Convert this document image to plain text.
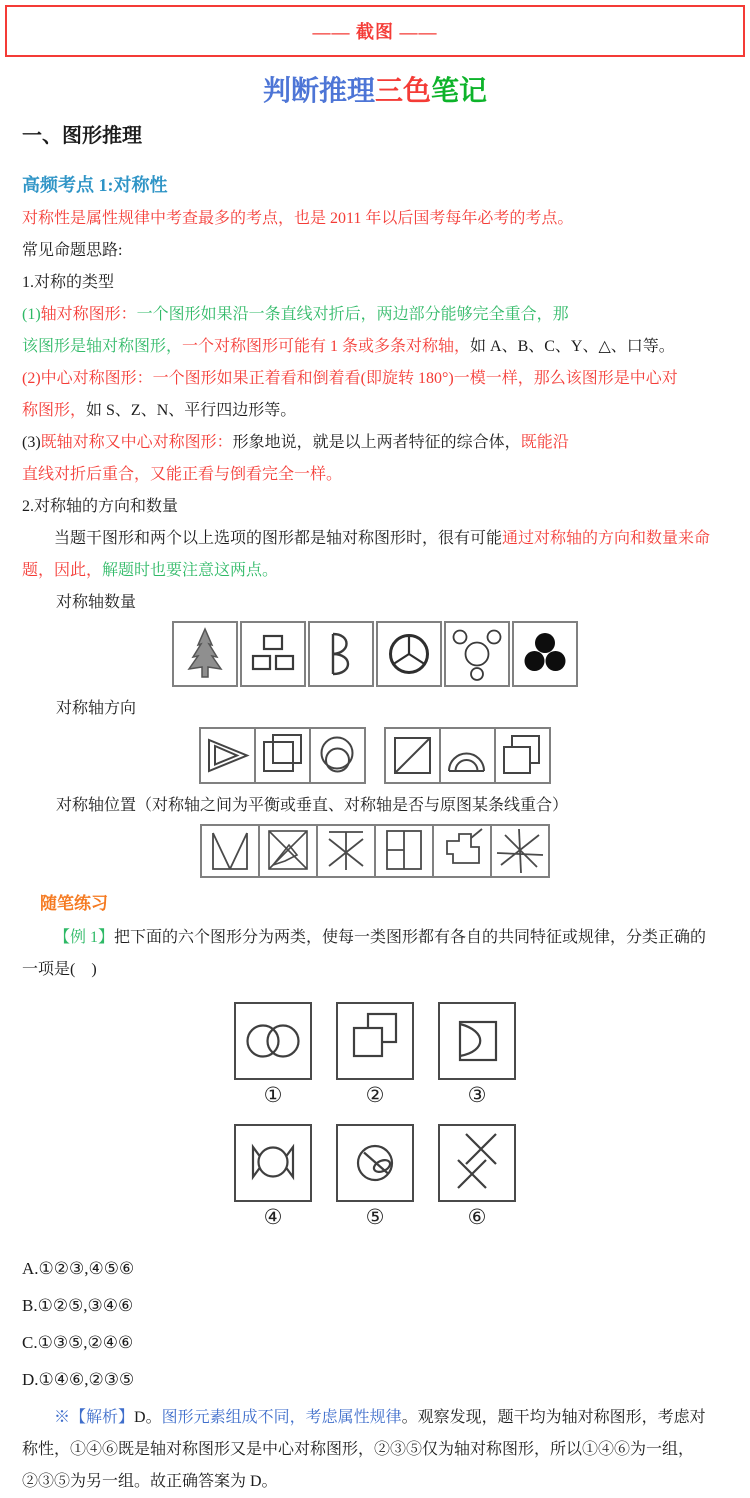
—— 截图 ——
判断推理三色笔记
一、图形推理
高频考点 1:对称性

对称性是属性规律中考查最多的考点，也是 2011 年以后国考每年必考的考点。

常见命题思路:

1.对称的类型

(1)轴对称图形：一个图形如果沿一条直线对折后，两边部分能够完全重合，那

该图形是轴对称图形，一个对称图形可能有 1 条或多条对称轴，如 A、B、C、Y、△、口等。

(2)中心对称图形：一个图形如果正着看和倒着看(即旋转 180°)一模一样，那么该图形是中心对

称图形，如 S、Z、N、平行四边形等。

(3)既轴对称又中心对称图形：形象地说，就是以上两者特征的综合体，既能沿

直线对折后重合，又能正看与倒看完全一样。

2.对称轴的方向和数量

当题干图形和两个以上选项的图形都是轴对称图形时，很有可能通过对称轴的方向和数量来命

题，因此，解题时也要注意这两点。

对称轴数量

对称轴方向

对称轴位置（对称轴之间为平衡或垂直、对称轴是否与原图某条线重合）

随笔练习

【例 1】把下面的六个图形分为两类，使每一类图形都有各自的共同特征或规律，分类正确的

一项是(　)

①	②	③
④	⑤	⑥

A.①②③,④⑤⑥

B.①②⑤,③④⑥

C.①③⑤,②④⑥

D.①④⑥,②③⑤

※【解析】D。图形元素组成不同，考虑属性规律。观察发现，题干均为轴对称图形，考虑对

称性，①④⑥既是轴对称图形又是中心对称图形，②③⑤仅为轴对称图形，所以①④⑥为一组，

②③⑤为另一组。故正确答案为 D。
